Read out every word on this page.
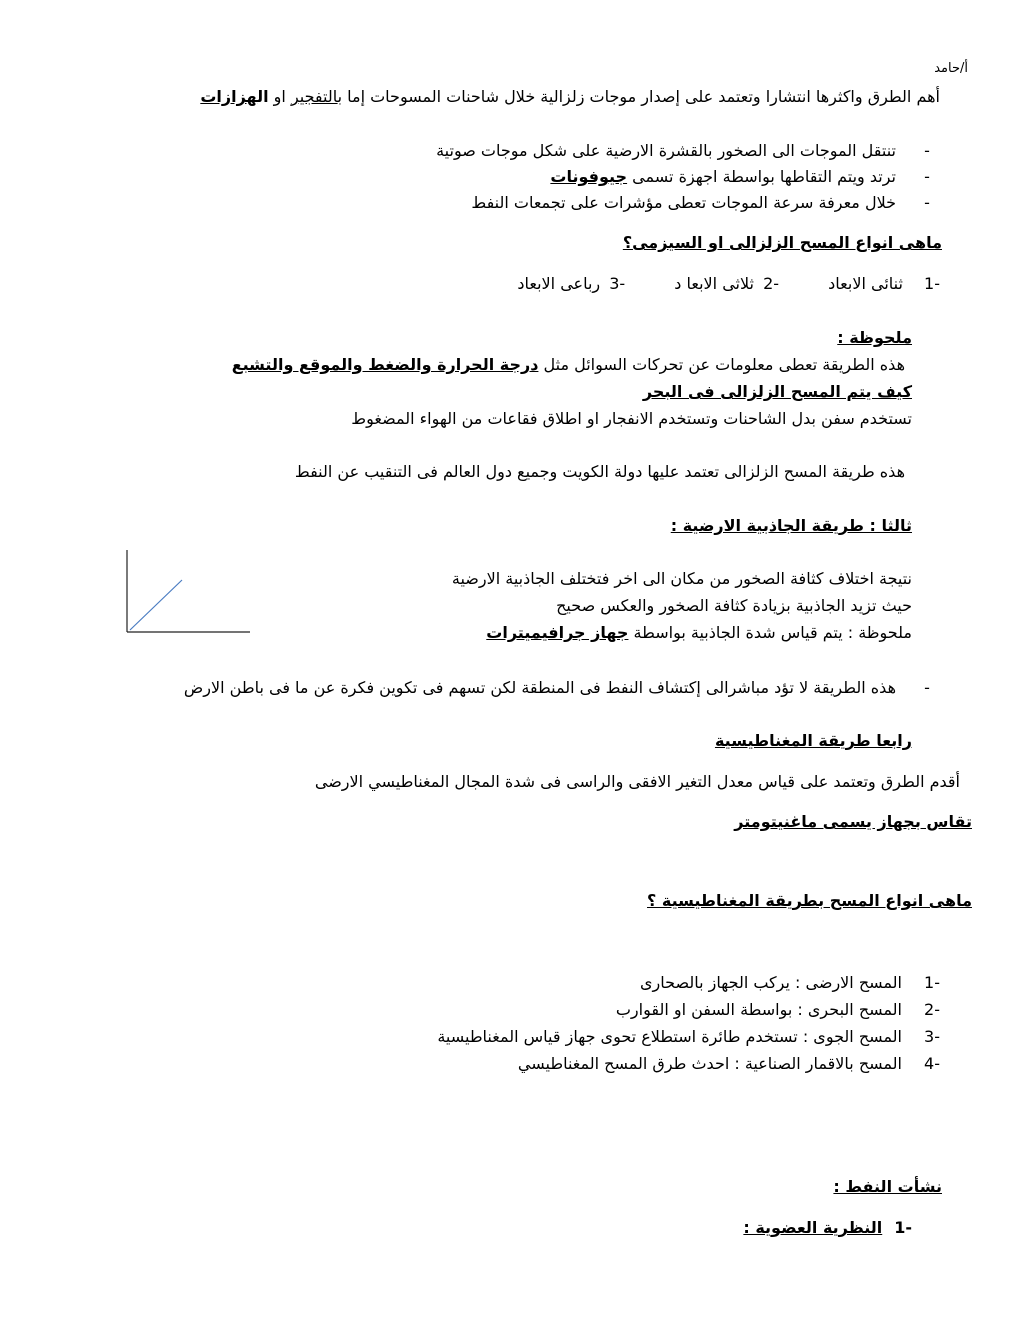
أ/حامد
أهم الطرق واكثرها انتشارا وتعتمد على إصدار موجات زلزالية خلال شاحنات المسوحات إما بالتفجير او الهزازات
-تنتقل الموجات الى الصخور بالقشرة الارضية على شكل موجات صوتية
-ترتد ويتم التقاطها بواسطة اجهزة تسمى جيوفونات
-خلال معرفة سرعة الموجات تعطى مؤشرات على تجمعات النفط
ماهى انواع المسح الزلزالى او السيزمى؟
-1 ثنائى الابعاد -2 ثلاثى الابعا د -3 رباعى الابعاد
ملحوظة :
هذه الطريقة تعطى معلومات عن تحركات السوائل مثل درجة الحرارة والضغط والموقع والتشبع
كيف يتم المسح الزلزالى فى البحر
تستخدم سفن بدل الشاحنات وتستخدم الانفجار او اطلاق فقاعات من الهواء المضغوط
هذه طريقة المسح الزلزالى تعتمد عليها دولة الكويت وجميع دول العالم فى التنقيب عن النفط
ثالثا : طريقة الجاذبية الارضية :
نتيجة اختلاف كثافة الصخور من مكان الى اخر فتختلف الجاذبية الارضية
حيث تزيد الجاذبية بزيادة كثافة الصخور والعكس صحيح
ملحوظة : يتم قياس شدة الجاذبية بواسطة جهاز جرافيميترات
-هذه الطريقة لا تؤد مباشرالى إكتشاف النفط فى المنطقة لكن تسهم فى تكوين فكرة عن ما فى باطن الارض
رابعا طريقة المغناطيسية
أقدم الطرق وتعتمد على قياس معدل التغير الافقى والراسى فى شدة المجال المغناطيسي الارضى
تقاس بجهاز يسمى ماغنيتومتر
ماهى انواع المسح بطريقة المغناطيسية ؟
-1المسح الارضى : يركب الجهاز بالصحارى
-2المسح البحرى : بواسطة السفن او القوارب
-3المسح الجوى : تستخدم طائرة استطلاع تحوى جهاز قياس المغناطيسية
-4المسح بالاقمار الصناعية : احدث طرق المسح المغناطيسي
نشأت النفط :
-1النظرية العضوية :
